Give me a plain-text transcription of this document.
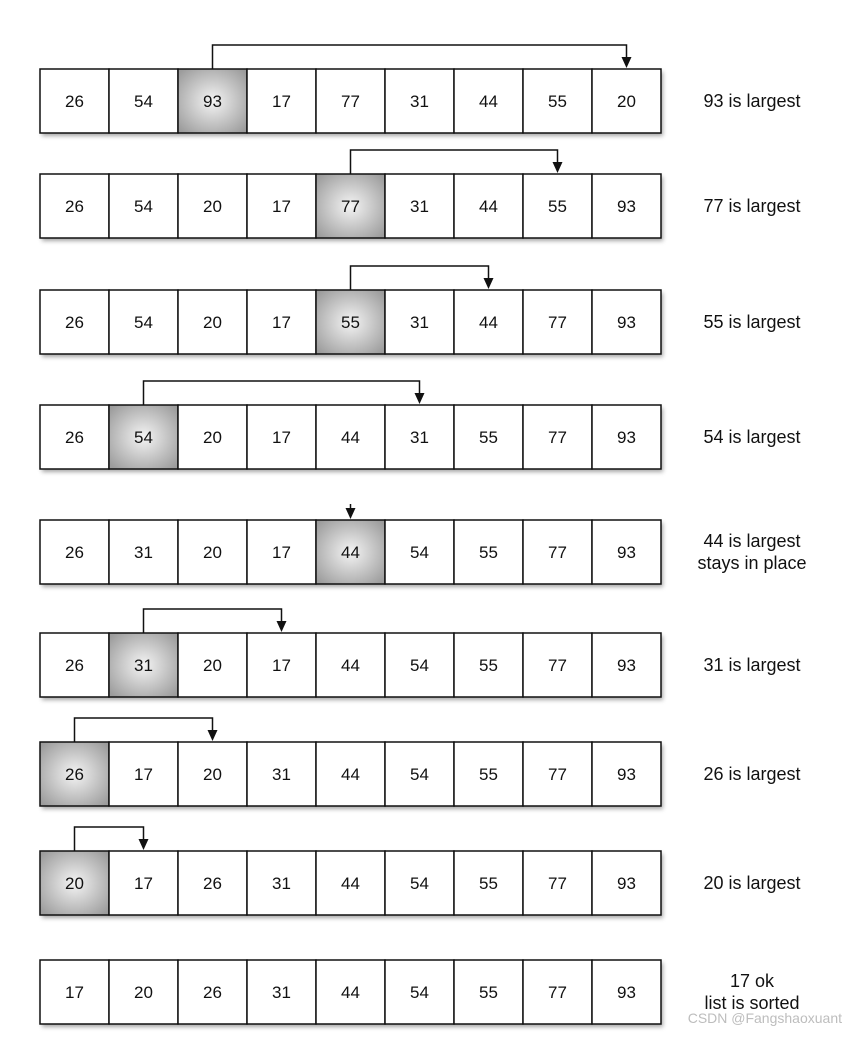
26	54	93	17	77	31	44	55	20	93 is largest
26	54	20	17	77	31	44	55	93	77 is largest
26	54	20	17	55	31	44	77	93	55 is largest
26	54	20	17	44	31	55	77	93	54 is largest
26	31	20	17	44	54	55	77	93
44 is largest
stays in place
26	31	20	17	44	54	55	77	93	31 is largest
26	17	20	31	44	54	55	77	93	26 is largest
20	17	26	31	44	54	55	77	93	20 is largest
17	20	26	31	44	54	55	77	93
17 ok
list is sorted
CSDN @Fangshaoxuant
